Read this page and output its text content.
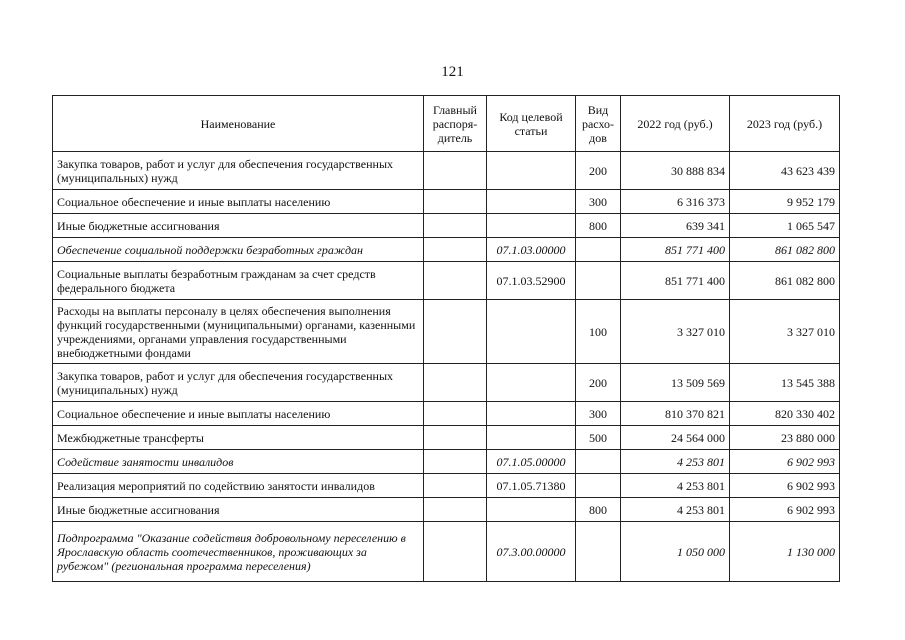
121
Наименование	Главный распоря-дитель	Код целевой статьи	Вид расхо-дов	2022 год (руб.)	2023 год (руб.)
Закупка товаров, работ и услуг для обеспечения государственных (муниципальных) нужд			200	30 888 834	43 623 439
Социальное обеспечение и иные выплаты населению			300	6 316 373	9 952 179
Иные бюджетные ассигнования			800	639 341	1 065 547
Обеспечение социальной поддержки безработных граждан		07.1.03.00000		851 771 400	861 082 800
Социальные выплаты безработным гражданам за счет средств федерального бюджета		07.1.03.52900		851 771 400	861 082 800
Расходы на выплаты персоналу в целях обеспечения выполнения функций государственными (муниципальными) органами, казенными учреждениями, органами управления государственными внебюджетными фондами			100	3 327 010	3 327 010
Закупка товаров, работ и услуг для обеспечения государственных (муниципальных) нужд			200	13 509 569	13 545 388
Социальное обеспечение и иные выплаты населению			300	810 370 821	820 330 402
Межбюджетные трансферты			500	24 564 000	23 880 000
Содействие занятости инвалидов		07.1.05.00000		4 253 801	6 902 993
Реализация мероприятий по содействию занятости инвалидов		07.1.05.71380		4 253 801	6 902 993
Иные бюджетные ассигнования			800	4 253 801	6 902 993
Подпрограмма "Оказание содействия добровольному переселению в Ярославскую область соотечественников, проживающих за рубежом" (региональная программа переселения)		07.3.00.00000		1 050 000	1 130 000
